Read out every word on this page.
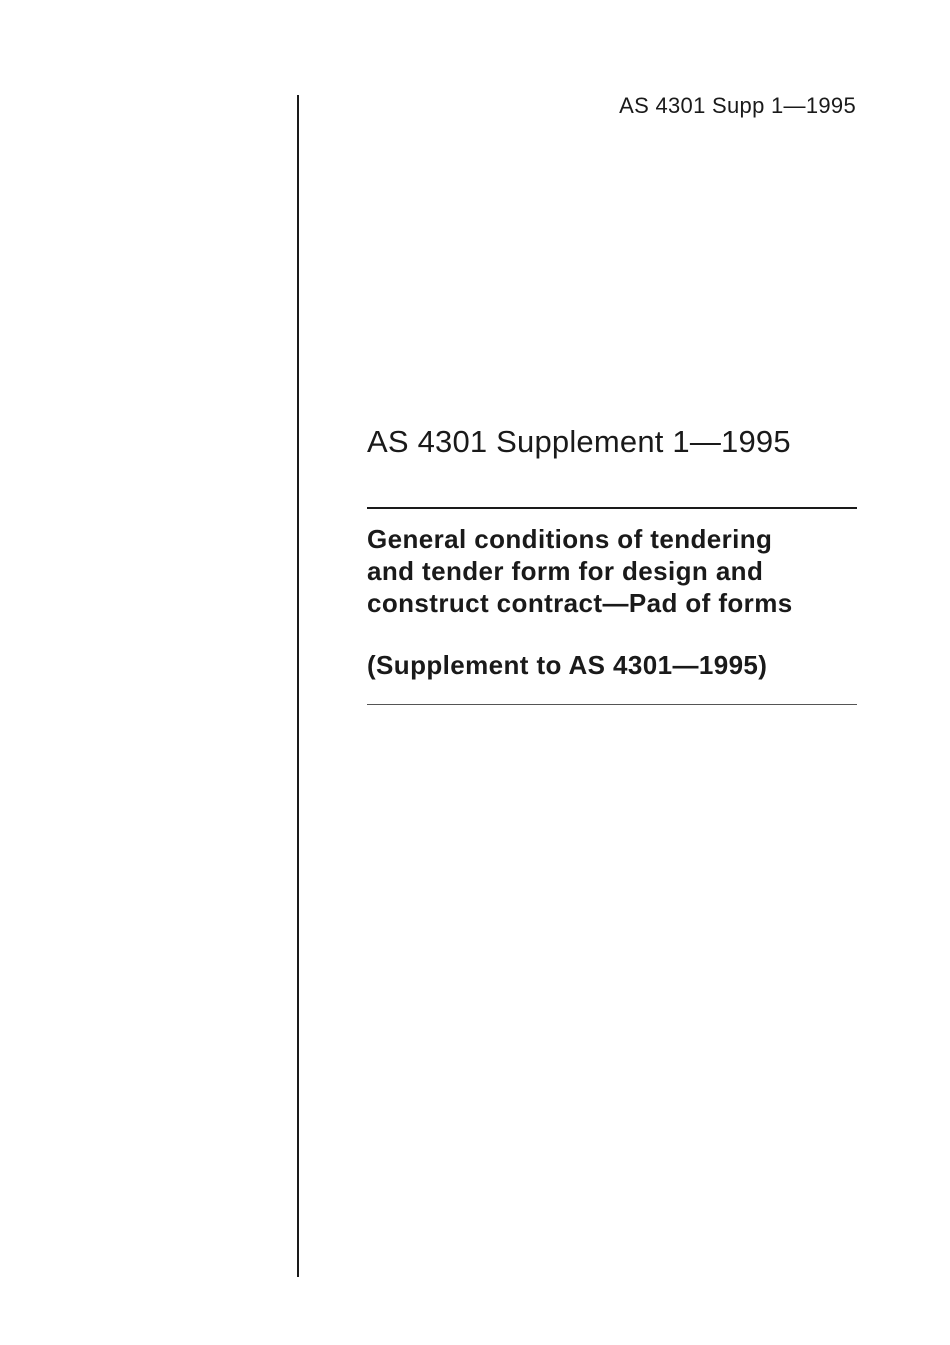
AS 4301 Supp 1—1995
AS 4301 Supplement 1—1995
General conditions of tendering
and tender form for design and
construct contract—Pad of forms
(Supplement to AS 4301—1995)
